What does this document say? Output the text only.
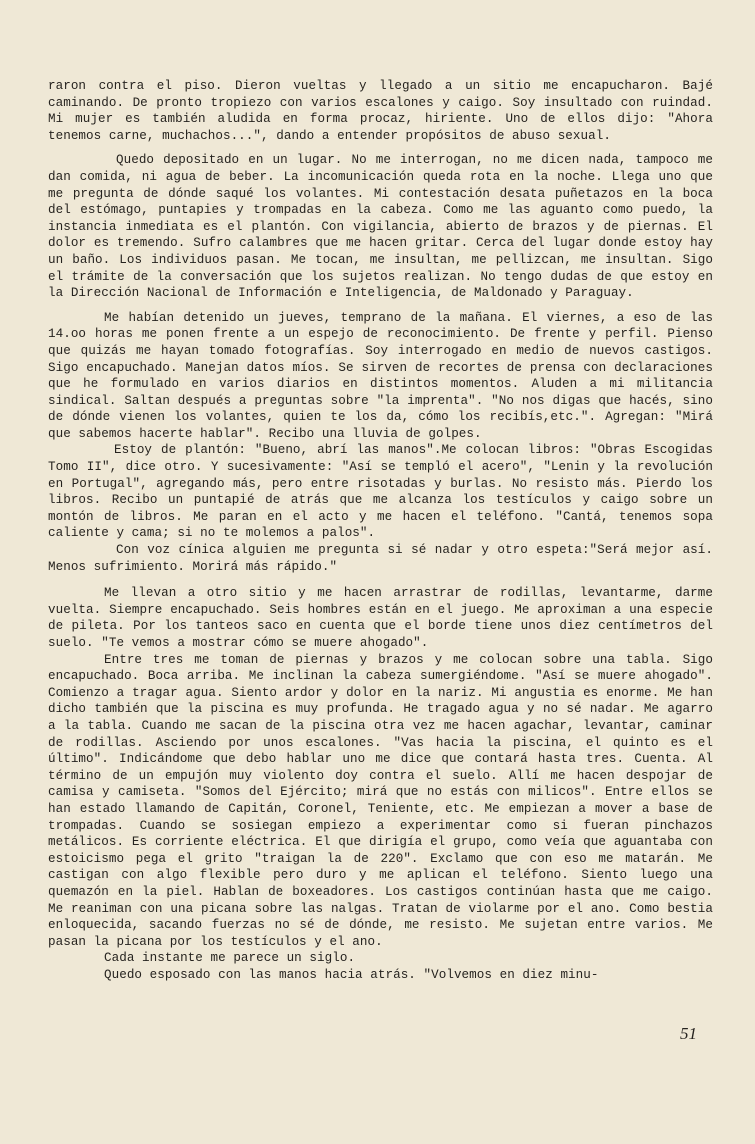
raron contra el piso. Dieron vueltas y llegado a un sitio me encapucharon. Bajé caminando. De pronto tropiezo con varios escalones y caigo. Soy insultado con ruindad. Mi mujer es también aludida en forma procaz, hiriente. Uno de ellos dijo: "Ahora tenemos carne, muchachos...", dando a entender propósitos de abuso sexual.

Quedo depositado en un lugar. No me interrogan, no me dicen nada, tampoco me dan comida, ni agua de beber. La incomunicación queda rota en la noche. Llega uno que me pregunta de dónde saqué los volantes. Mi contestación desata puñetazos en la boca del estómago, puntapies y trompadas en la cabeza. Como me las aguanto como puedo, la instancia inmediata es el plantón. Con vigilancia, abierto de brazos y de piernas. El dolor es tremendo. Sufro calambres que me hacen gritar. Cerca del lugar donde estoy hay un baño. Los individuos pasan. Me tocan, me insultan, me pellizcan, me insultan. Sigo el trámite de la conversación que los sujetos realizan. No tengo dudas de que estoy en la Dirección Nacional de Información e Inteligencia, de Maldonado y Paraguay.

Me habían detenido un jueves, temprano de la mañana. El viernes, a eso de las 14.oo horas me ponen frente a un espejo de reconocimiento. De frente y perfil. Pienso que quizás me hayan tomado fotografías. Soy interrogado en medio de nuevos castigos. Sigo encapuchado. Manejan datos míos. Se sirven de recortes de prensa con declaraciones que he formulado en varios diarios en distintos momentos. Aluden a mi militancia sindical. Saltan después a preguntas sobre "la imprenta". "No nos digas que hacés, sino de dónde vienen los volantes, quien te los da, cómo los recibís,etc.". Agregan: "Mirá que sabemos hacerte hablar". Recibo una lluvia de golpes.

Estoy de plantón: "Bueno, abrí las manos".Me colocan libros: "Obras Escogidas Tomo II", dice otro. Y sucesivamente: "Así se templó el acero", "Lenin y la revolución en Portugal", agregando más, pero entre risotadas y burlas. No resisto más. Pierdo los libros. Recibo un puntapié de atrás que me alcanza los testículos y caigo sobre un montón de libros. Me paran en el acto y me hacen el teléfono. "Cantá, tenemos sopa caliente y cama; si no te molemos a palos".

Con voz cínica alguien me pregunta si sé nadar y otro espeta:"Será mejor así. Menos sufrimiento. Morirá más rápido."

Me llevan a otro sitio y me hacen arrastrar de rodillas, levantarme, darme vuelta. Siempre encapuchado. Seis hombres están en el juego. Me aproximan a una especie de pileta. Por los tanteos saco en cuenta que el borde tiene unos diez centímetros del suelo. "Te vemos a mostrar cómo se muere ahogado".

Entre tres me toman de piernas y brazos y me colocan sobre una tabla. Sigo encapuchado. Boca arriba. Me inclinan la cabeza sumergiéndome. "Así se muere ahogado". Comienzo a tragar agua. Siento ardor y dolor en la nariz. Mi angustia es enorme. Me han dicho también que la piscina es muy profunda. He tragado agua y no sé nadar. Me agarro a la tabla. Cuando me sacan de la piscina otra vez me hacen agachar, levantar, caminar de rodillas. Asciendo por unos escalones. "Vas hacia la piscina, el quinto es el último". Indicándome que debo hablar uno me dice que contará hasta tres. Cuenta. Al término de un empujón muy violento doy contra el suelo. Allí me hacen despojar de camisa y camiseta. "Somos del Ejército; mirá que no estás con milicos". Entre ellos se han estado llamando de Capitán, Coronel, Teniente, etc. Me empiezan a mover a base de trompadas. Cuando se sosiegan empiezo a experimentar como si fueran pinchazos metálicos. Es corriente eléctrica. El que dirigía el grupo, como veía que aguantaba con estoicismo pega el grito "traigan la de 220". Exclamo que con eso me matarán. Me castigan con algo flexible pero duro y me aplican el teléfono. Siento luego una quemazón en la piel. Hablan de boxeadores. Los castigos continúan hasta que me caigo. Me reaniman con una picana sobre las nalgas. Tratan de violarme por el ano. Como bestia enloquecida, sacando fuerzas no sé de dónde, me resisto. Me sujetan entre varios. Me pasan la picana por los testículos y el ano.

Cada instante me parece un siglo.

Quedo esposado con las manos hacia atrás. "Volvemos en diez minu-

51
